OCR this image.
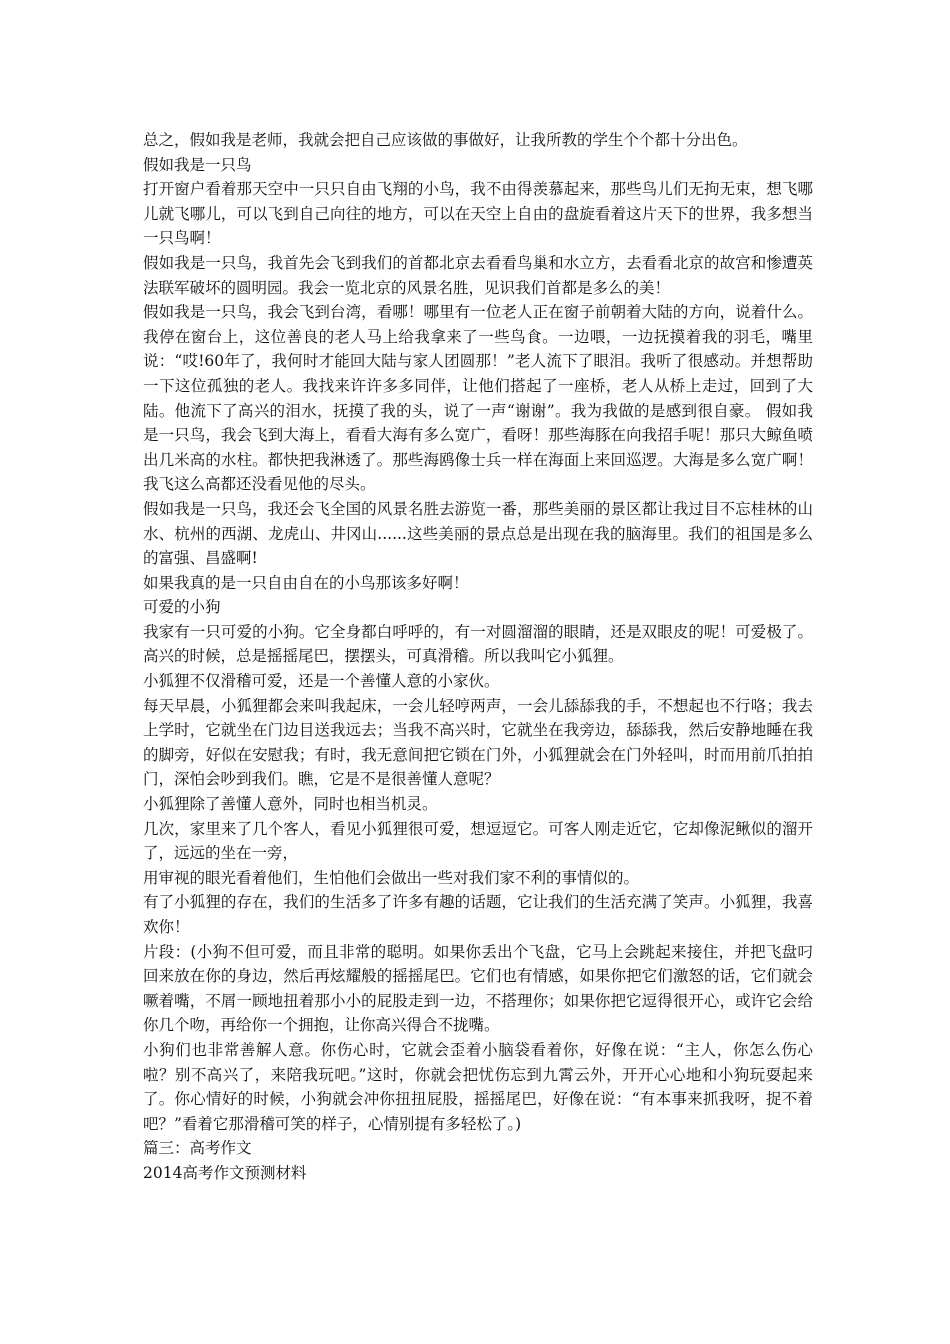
总之，假如我是老师，我就会把自己应该做的事做好，让我所教的学生个个都十分出色。

假如我是一只鸟

打开窗户看着那天空中一只只自由飞翔的小鸟，我不由得羡慕起来，那些鸟儿们无拘无束，想飞哪儿就飞哪儿，可以飞到自己向往的地方，可以在天空上自由的盘旋看着这片天下的世界，我多想当一只鸟啊！

假如我是一只鸟，我首先会飞到我们的首都北京去看看鸟巢和水立方，去看看北京的故宫和惨遭英法联军破坏的圆明园。我会一览北京的风景名胜，见识我们首都是多么的美！

假如我是一只鸟，我会飞到台湾，看哪！哪里有一位老人正在窗子前朝着大陆的方向，说着什么。我停在窗台上，这位善良的老人马上给我拿来了一些鸟食。一边喂，一边抚摸着我的羽毛，嘴里说：“哎!60年了，我何时才能回大陆与家人团圆那！”老人流下了眼泪。我听了很感动。并想帮助一下这位孤独的老人。我找来许许多多同伴，让他们搭起了一座桥，老人从桥上走过，回到了大陆。他流下了高兴的泪水，抚摸了我的头，说了一声“谢谢”。我为我做的是感到很自豪。 假如我是一只鸟，我会飞到大海上，看看大海有多么宽广，看呀！那些海豚在向我招手呢！那只大鲸鱼喷出几米高的水柱。都快把我淋透了。那些海鸥像士兵一样在海面上来回巡逻。大海是多么宽广啊！我飞这么高都还没看见他的尽头。

假如我是一只鸟，我还会飞全国的风景名胜去游览一番，那些美丽的景区都让我过目不忘桂林的山水、杭州的西湖、龙虎山、井冈山......这些美丽的景点总是出现在我的脑海里。我们的祖国是多么的富强、昌盛啊!

如果我真的是一只自由自在的小鸟那该多好啊！

可爱的小狗

我家有一只可爱的小狗。它全身都白呼呼的，有一对圆溜溜的眼睛，还是双眼皮的呢！可爱极了。高兴的时候，总是摇摇尾巴，摆摆头，可真滑稽。所以我叫它小狐狸。

小狐狸不仅滑稽可爱，还是一个善懂人意的小家伙。

每天早晨，小狐狸都会来叫我起床，一会儿轻哼两声，一会儿舔舔我的手，不想起也不行咯；我去上学时，它就坐在门边目送我远去；当我不高兴时，它就坐在我旁边，舔舔我，然后安静地睡在我的脚旁，好似在安慰我；有时，我无意间把它锁在门外，小狐狸就会在门外轻叫，时而用前爪拍拍门，深怕会吵到我们。瞧，它是不是很善懂人意呢？

小狐狸除了善懂人意外，同时也相当机灵。

几次，家里来了几个客人，看见小狐狸很可爱，想逗逗它。可客人刚走近它，它却像泥鳅似的溜开了，远远的坐在一旁，

用审视的眼光看着他们，生怕他们会做出一些对我们家不利的事情似的。

有了小狐狸的存在，我们的生活多了许多有趣的话题，它让我们的生活充满了笑声。小狐狸，我喜欢你！

片段：(小狗不但可爱，而且非常的聪明。如果你丢出个飞盘，它马上会跳起来接住，并把飞盘叼回来放在你的身边，然后再炫耀般的摇摇尾巴。它们也有情感，如果你把它们激怒的话，它们就会噘着嘴，不屑一顾地扭着那小小的屁股走到一边，不搭理你；如果你把它逗得很开心，或许它会给你几个吻，再给你一个拥抱，让你高兴得合不拢嘴。

小狗们也非常善解人意。你伤心时，它就会歪着小脑袋看着你，好像在说：“主人，你怎么伤心啦？别不高兴了，来陪我玩吧。”这时，你就会把忧伤忘到九霄云外，开开心心地和小狗玩耍起来了。你心情好的时候，小狗就会冲你扭扭屁股，摇摇尾巴，好像在说：“有本事来抓我呀，捉不着吧？”看着它那滑稽可笑的样子，心情别提有多轻松了。)

篇三：高考作文

2014高考作文预测材料
